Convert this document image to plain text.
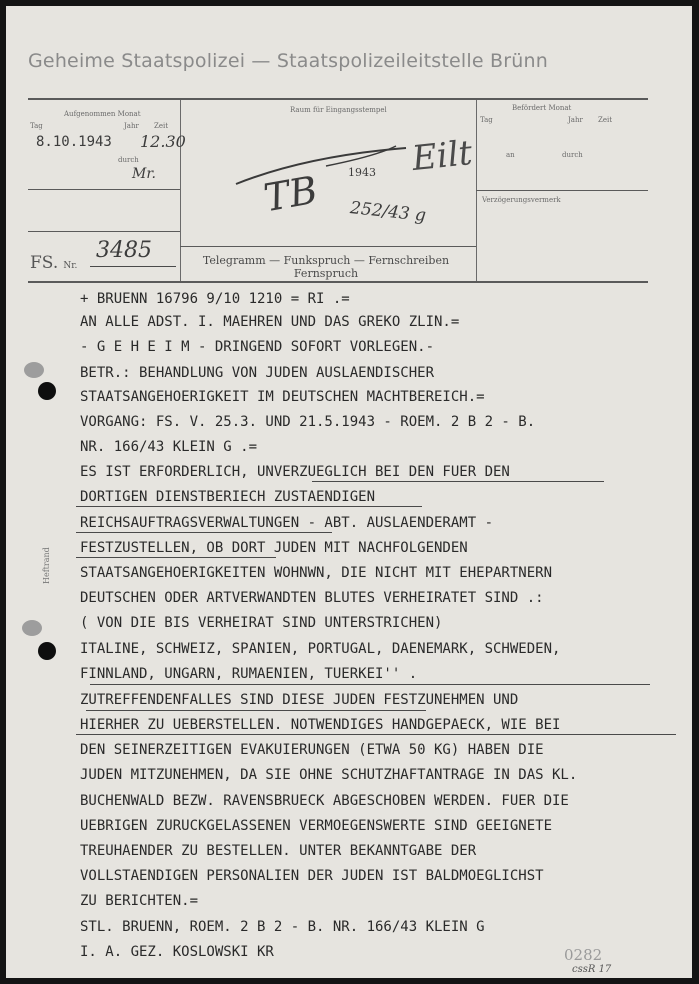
Geheime Staatspolizei — Staatspolizeileitstelle Brünn
Tag
Aufgenommen Monat
Jahr Zeit
8.10.1943 12.30
durch
Mr.
FS. Nr.
3485
Raum für Eingangsstempel
TB 1943 Eilt
252/43 g
Telegramm — Funkspruch — Fernschreiben
Fernspruch
Tag
Befördert Monat
Jahr Zeit
an	durch
Verzögerungsvermerk
+ BRUENN 16796 9/10 1210 = RI .=
AN ALLE ADST. I. MAEHREN UND DAS GREKO ZLIN.=
- G E H E I M - DRINGEND SOFORT VORLEGEN.-
BETR.: BEHANDLUNG VON JUDEN AUSLAENDISCHER
STAATSANGEHOERIGKEIT IM DEUTSCHEN MACHTBEREICH.=
VORGANG: FS. V. 25.3. UND 21.5.1943 - ROEM. 2 B 2 - B.
NR. 166/43 KLEIN G .=
ES IST ERFORDERLICH, UNVERZUEGLICH BEI DEN FUER DEN
DORTIGEN DIENSTBERIECH ZUSTAENDIGEN
REICHSAUFTRAGSVERWALTUNGEN - ABT. AUSLAENDERAMT -
FESTZUSTELLEN, OB DORT JUDEN MIT NACHFOLGENDEN
STAATSANGEHOERIGKEITEN WOHNWN, DIE NICHT MIT EHEPARTNERN
DEUTSCHEN ODER ARTVERWANDTEN BLUTES VERHEIRATET SIND .:
( VON DIE BIS VERHEIRAT SIND UNTERSTRICHEN)
ITALINE, SCHWEIZ, SPANIEN, PORTUGAL, DAENEMARK, SCHWEDEN,
FINNLAND, UNGARN, RUMAENIEN, TUERKEI'' .
ZUTREFFENDENFALLES SIND DIESE JUDEN FESTZUNEHMEN UND
HIERHER ZU UEBERSTELLEN. NOTWENDIGES HANDGEPAECK, WIE BEI
DEN SEINERZEITIGEN EVAKUIERUNGEN (ETWA 50 KG) HABEN DIE
JUDEN MITZUNEHMEN, DA SIE OHNE SCHUTZHAFTANTRAGE IN DAS KL.
BUCHENWALD BEZW. RAVENSBRUECK ABGESCHOBEN WERDEN. FUER DIE
UEBRIGEN ZURUCKGELASSENEN VERMOEGENSWERTE SIND GEEIGNETE
TREUHAENDER ZU BESTELLEN. UNTER BEKANNTGABE DER
VOLLSTAENDIGEN PERSONALIEN DER JUDEN IST BALDMOEGLICHST
ZU BERICHTEN.=
STL. BRUENN, ROEM. 2 B 2 - B. NR. 166/43 KLEIN G
I. A. GEZ. KOSLOWSKI KR
Heftrand
0282
cssR 17
